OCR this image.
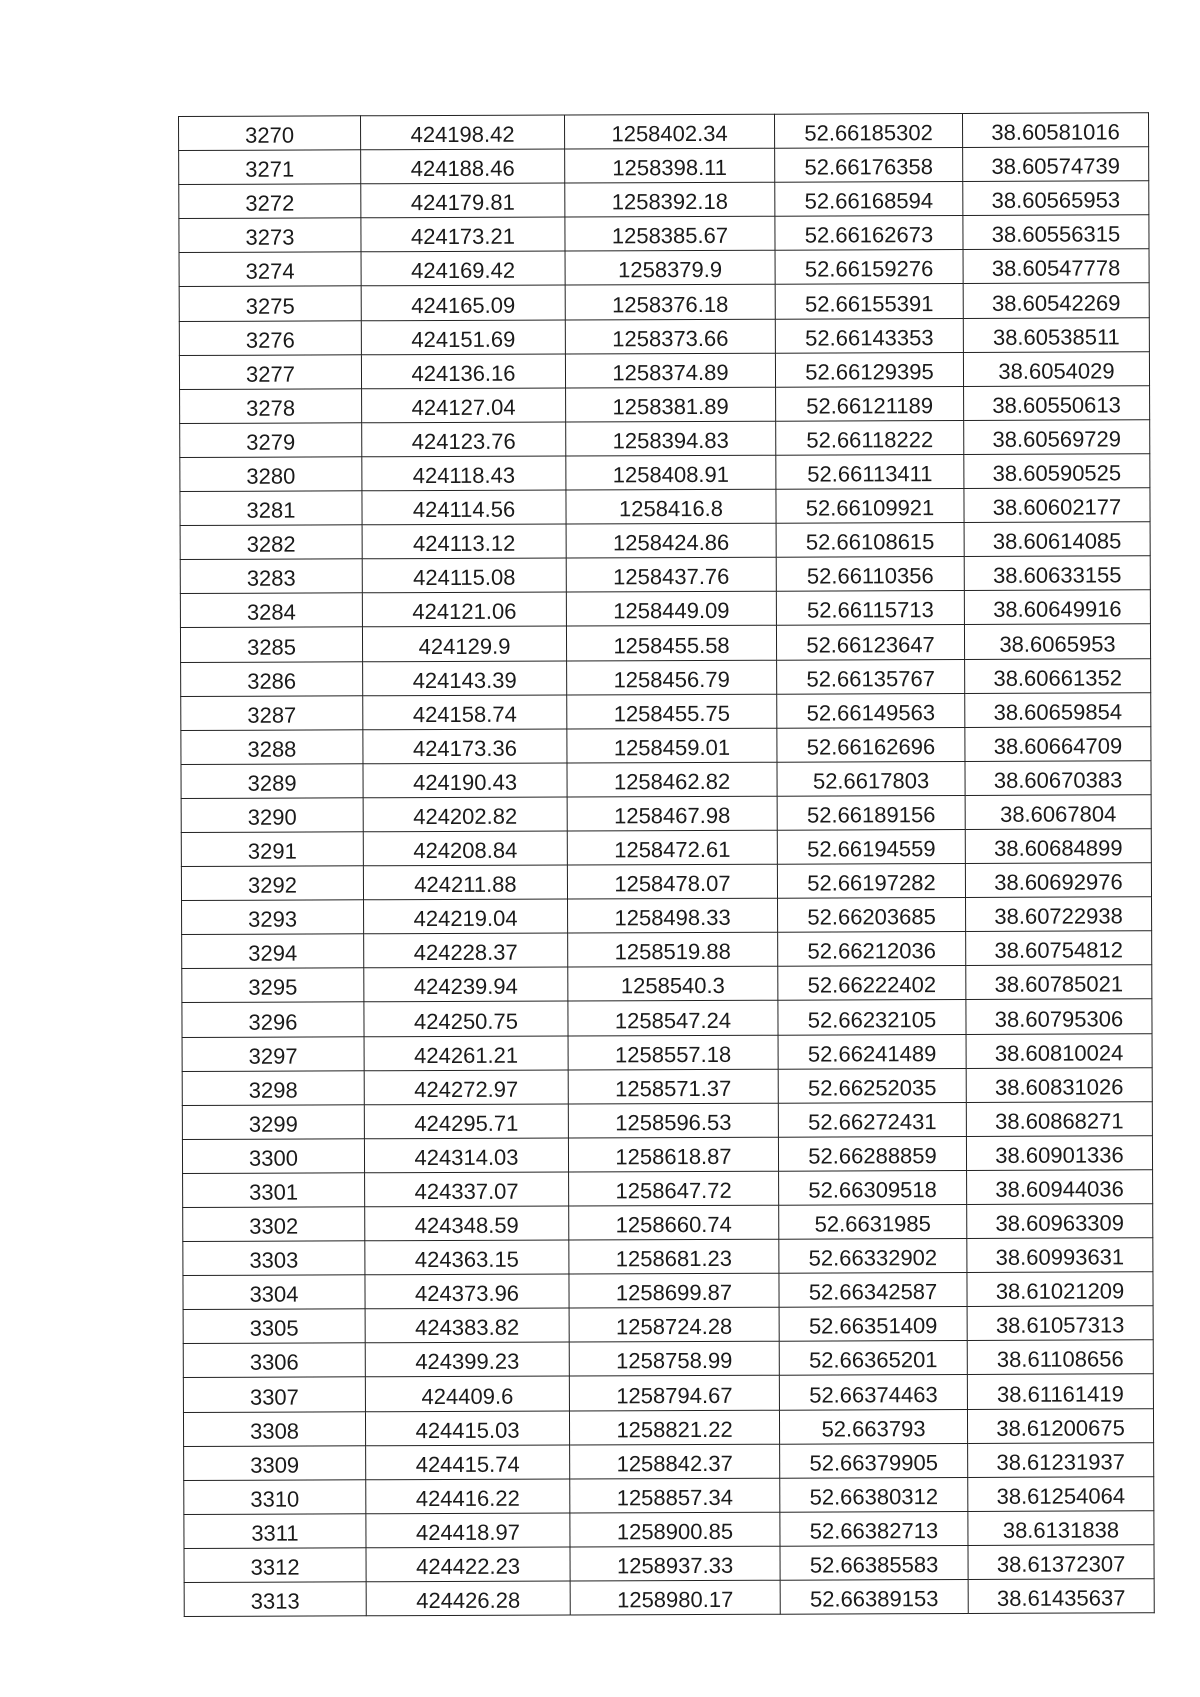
3270	424198.42	1258402.34	52.66185302	38.60581016
3271	424188.46	1258398.11	52.66176358	38.60574739
3272	424179.81	1258392.18	52.66168594	38.60565953
3273	424173.21	1258385.67	52.66162673	38.60556315
3274	424169.42	1258379.9	52.66159276	38.60547778
3275	424165.09	1258376.18	52.66155391	38.60542269
3276	424151.69	1258373.66	52.66143353	38.60538511
3277	424136.16	1258374.89	52.66129395	38.6054029
3278	424127.04	1258381.89	52.66121189	38.60550613
3279	424123.76	1258394.83	52.66118222	38.60569729
3280	424118.43	1258408.91	52.66113411	38.60590525
3281	424114.56	1258416.8	52.66109921	38.60602177
3282	424113.12	1258424.86	52.66108615	38.60614085
3283	424115.08	1258437.76	52.66110356	38.60633155
3284	424121.06	1258449.09	52.66115713	38.60649916
3285	424129.9	1258455.58	52.66123647	38.6065953
3286	424143.39	1258456.79	52.66135767	38.60661352
3287	424158.74	1258455.75	52.66149563	38.60659854
3288	424173.36	1258459.01	52.66162696	38.60664709
3289	424190.43	1258462.82	52.6617803	38.60670383
3290	424202.82	1258467.98	52.66189156	38.6067804
3291	424208.84	1258472.61	52.66194559	38.60684899
3292	424211.88	1258478.07	52.66197282	38.60692976
3293	424219.04	1258498.33	52.66203685	38.60722938
3294	424228.37	1258519.88	52.66212036	38.60754812
3295	424239.94	1258540.3	52.66222402	38.60785021
3296	424250.75	1258547.24	52.66232105	38.60795306
3297	424261.21	1258557.18	52.66241489	38.60810024
3298	424272.97	1258571.37	52.66252035	38.60831026
3299	424295.71	1258596.53	52.66272431	38.60868271
3300	424314.03	1258618.87	52.66288859	38.60901336
3301	424337.07	1258647.72	52.66309518	38.60944036
3302	424348.59	1258660.74	52.6631985	38.60963309
3303	424363.15	1258681.23	52.66332902	38.60993631
3304	424373.96	1258699.87	52.66342587	38.61021209
3305	424383.82	1258724.28	52.66351409	38.61057313
3306	424399.23	1258758.99	52.66365201	38.61108656
3307	424409.6	1258794.67	52.66374463	38.61161419
3308	424415.03	1258821.22	52.663793	38.61200675
3309	424415.74	1258842.37	52.66379905	38.61231937
3310	424416.22	1258857.34	52.66380312	38.61254064
3311	424418.97	1258900.85	52.66382713	38.6131838
3312	424422.23	1258937.33	52.66385583	38.61372307
3313	424426.28	1258980.17	52.66389153	38.61435637
